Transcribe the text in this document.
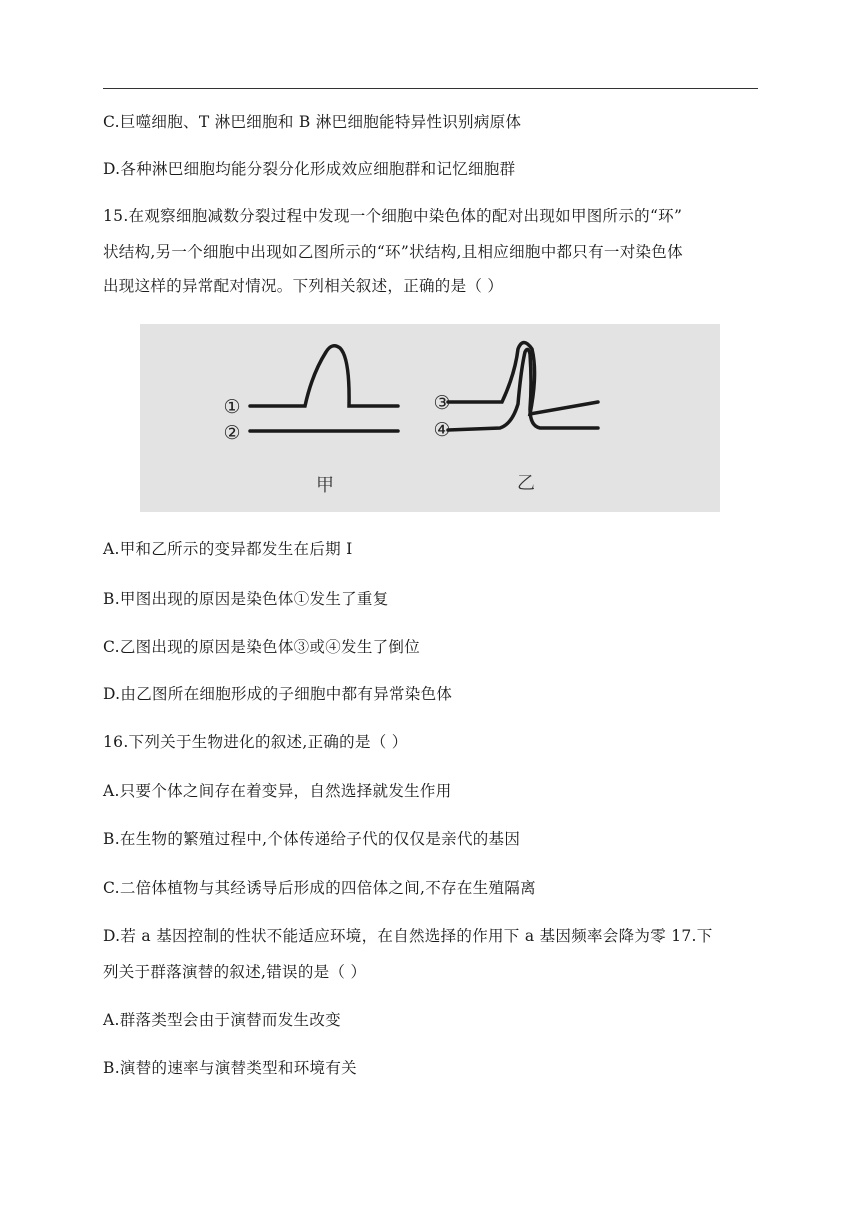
C.巨噬细胞、T 淋巴细胞和 B 淋巴细胞能特异性识别病原体
D.各种淋巴细胞均能分裂分化形成效应细胞群和记忆细胞群
15.在观察细胞减数分裂过程中发现一个细胞中染色体的配对出现如甲图所示的“环”
状结构,另一个细胞中出现如乙图所示的“环”状结构,且相应细胞中都只有一对染色体
出现这样的异常配对情况。下列相关叙述，正确的是（ ）
①
②
甲
③
④
乙
A.甲和乙所示的变异都发生在后期 I
B.甲图出现的原因是染色体①发生了重复
C.乙图出现的原因是染色体③或④发生了倒位
D.由乙图所在细胞形成的子细胞中都有异常染色体
16.下列关于生物进化的叙述,正确的是（ ）
A.只要个体之间存在着变异，自然选择就发生作用
B.在生物的繁殖过程中,个体传递给子代的仅仅是亲代的基因
C.二倍体植物与其经诱导后形成的四倍体之间,不存在生殖隔离
D.若 a 基因控制的性状不能适应环境，在自然选择的作用下 a 基因频率会降为零 17.下
列关于群落演替的叙述,错误的是（ ）
A.群落类型会由于演替而发生改变
B.演替的速率与演替类型和环境有关
